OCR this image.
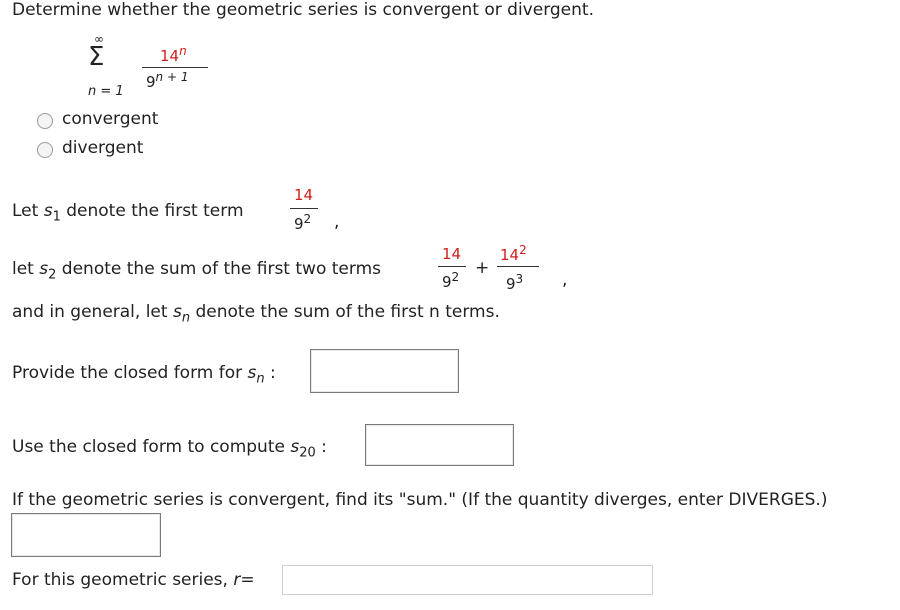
Determine whether the geometric series is convergent or divergent.
∞
Σ	14$^n$
$9^{n + 1}$
n = 1
convergent
divergent
Let $s_1$ denote the first term
14
$9^2$ ,
let $s_2$ denote the sum of the first two terms
14
$9^2$ +
$14^2$
$9^3$ ,
and in general, let $s_n$ denote the sum of the first n terms.
Provide the closed form for $s_n$ :
Use the closed form to compute $s_{20}$ :
If the geometric series is convergent, find its "sum." (If the quantity diverges, enter DIVERGES.)
For this geometric series, r=
